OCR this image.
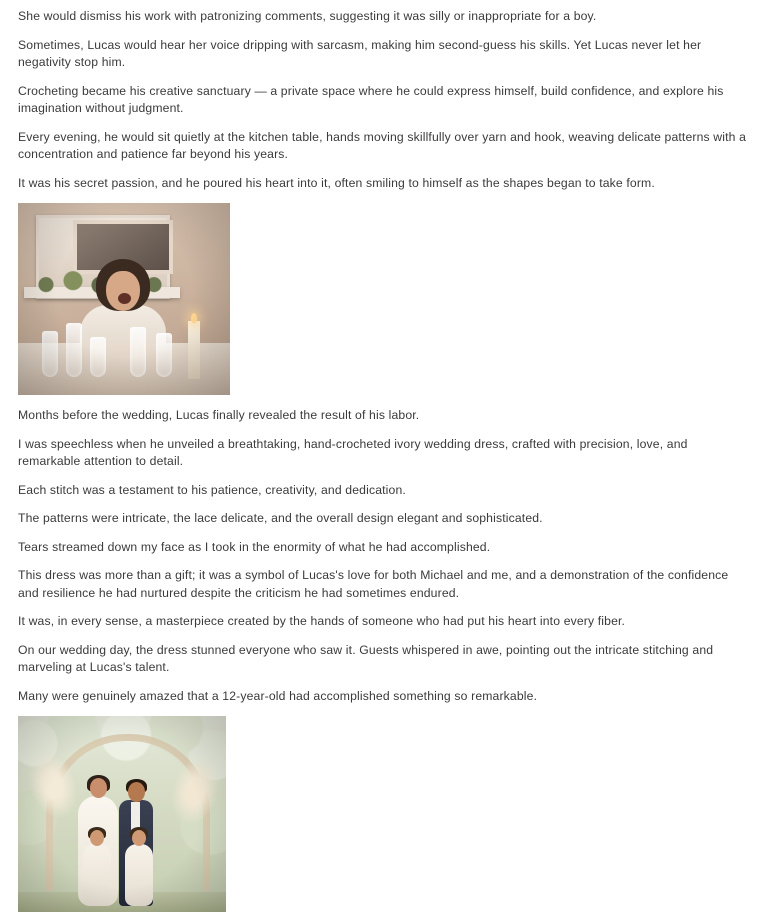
She would dismiss his work with patronizing comments, suggesting it was silly or inappropriate for a boy.

Sometimes, Lucas would hear her voice dripping with sarcasm, making him second-guess his skills. Yet Lucas never let her negativity stop him.

Crocheting became his creative sanctuary — a private space where he could express himself, build confidence, and explore his imagination without judgment.

Every evening, he would sit quietly at the kitchen table, hands moving skillfully over yarn and hook, weaving delicate patterns with a concentration and patience far beyond his years.

It was his secret passion, and he poured his heart into it, often smiling to himself as the shapes began to take form.

Months before the wedding, Lucas finally revealed the result of his labor.

I was speechless when he unveiled a breathtaking, hand-crocheted ivory wedding dress, crafted with precision, love, and remarkable attention to detail.

Each stitch was a testament to his patience, creativity, and dedication.

The patterns were intricate, the lace delicate, and the overall design elegant and sophisticated.

Tears streamed down my face as I took in the enormity of what he had accomplished.

This dress was more than a gift; it was a symbol of Lucas's love for both Michael and me, and a demonstration of the confidence and resilience he had nurtured despite the criticism he had sometimes endured.

It was, in every sense, a masterpiece created by the hands of someone who had put his heart into every fiber.

On our wedding day, the dress stunned everyone who saw it. Guests whispered in awe, pointing out the intricate stitching and marveling at Lucas's talent.

Many were genuinely amazed that a 12-year-old had accomplished something so remarkable.
